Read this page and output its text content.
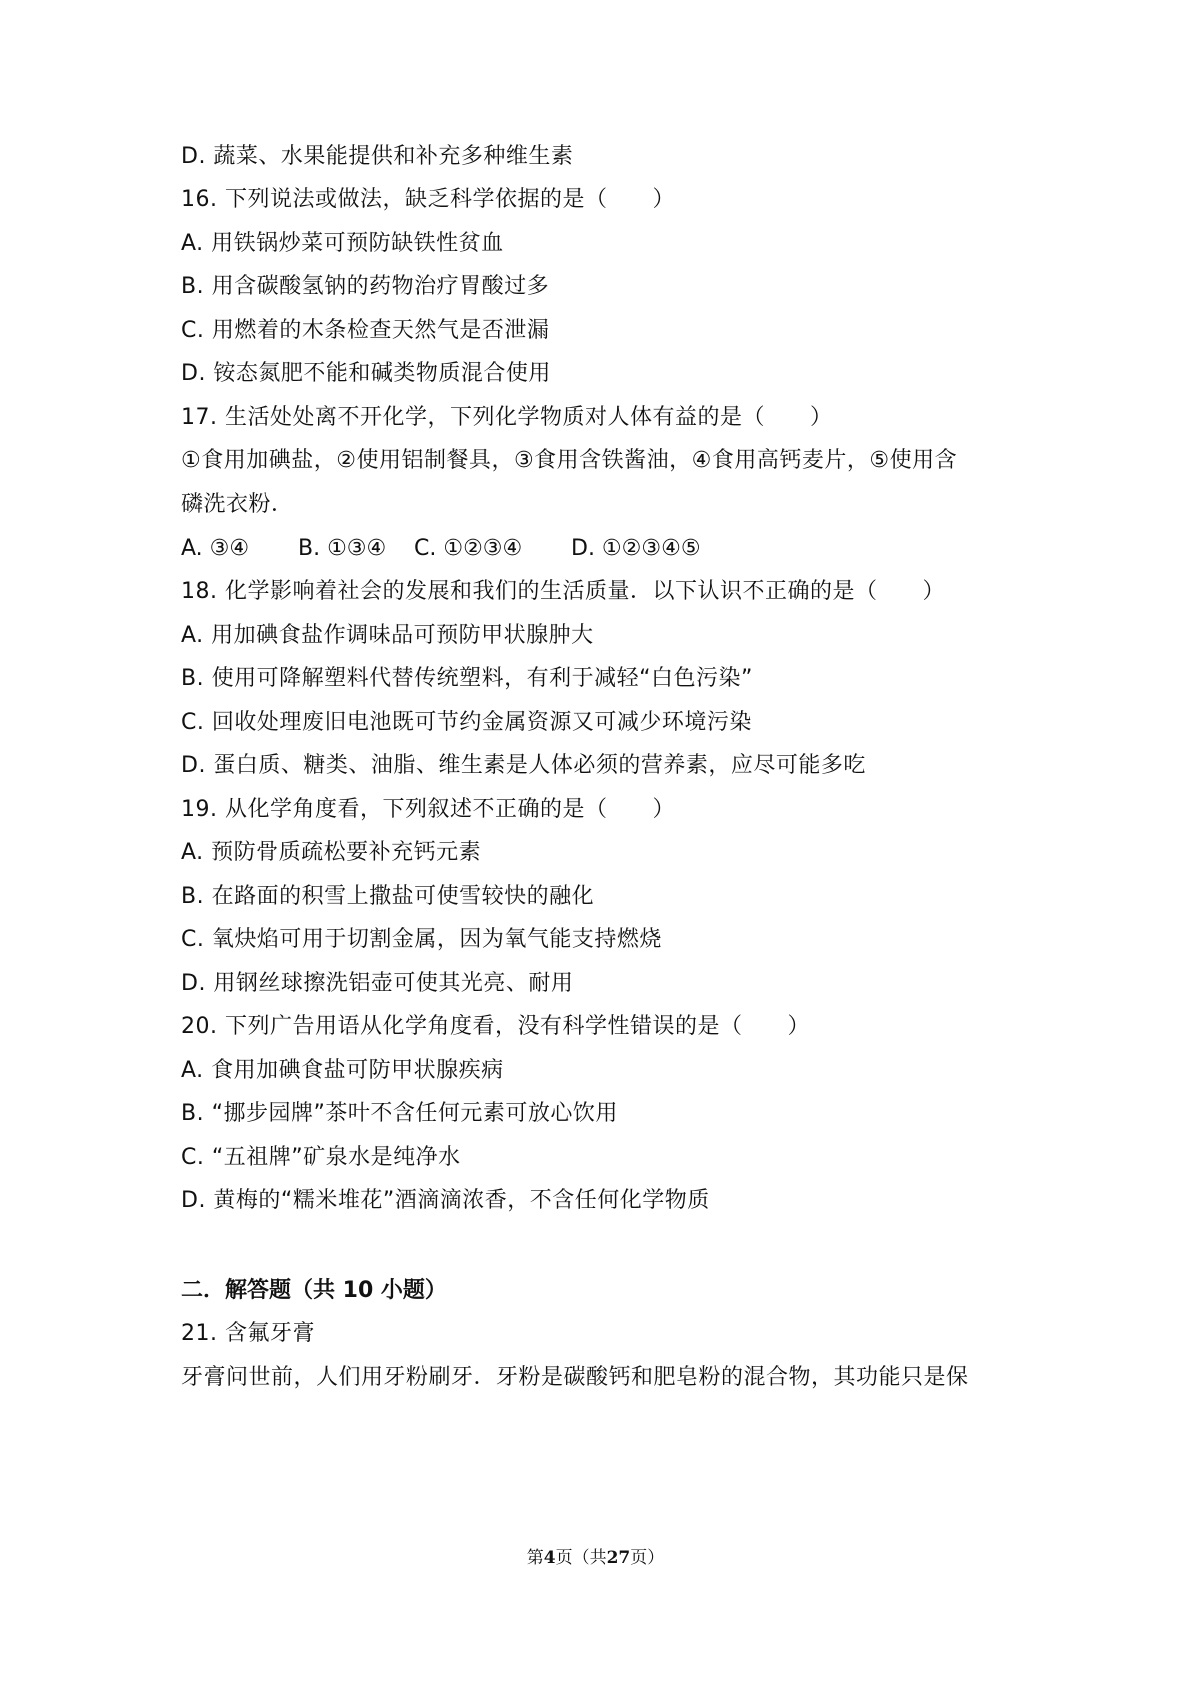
D. 蔬菜、水果能提供和补充多种维生素
16. 下列说法或做法，缺乏科学依据的是（　　）
A. 用铁锅炒菜可预防缺铁性贫血
B. 用含碳酸氢钠的药物治疗胃酸过多
C. 用燃着的木条检查天然气是否泄漏
D. 铵态氮肥不能和碱类物质混合使用
17. 生活处处离不开化学，下列化学物质对人体有益的是（　　）
①食用加碘盐，②使用铝制餐具，③食用含铁酱油，④食用高钙麦片，⑤使用含
磷洗衣粉．
A. ③④ B. ①③④ C. ①②③④ D. ①②③④⑤
18. 化学影响着社会的发展和我们的生活质量．以下认识不正确的是（　　）
A. 用加碘食盐作调味品可预防甲状腺肿大
B. 使用可降解塑料代替传统塑料，有利于减轻“白色污染”
C. 回收处理废旧电池既可节约金属资源又可减少环境污染
D. 蛋白质、糖类、油脂、维生素是人体必须的营养素，应尽可能多吃
19. 从化学角度看，下列叙述不正确的是（　　）
A. 预防骨质疏松要补充钙元素
B. 在路面的积雪上撒盐可使雪较快的融化
C. 氧炔焰可用于切割金属，因为氧气能支持燃烧
D. 用钢丝球擦洗铝壶可使其光亮、耐用
20. 下列广告用语从化学角度看，没有科学性错误的是（　　）
A. 食用加碘食盐可防甲状腺疾病
B. “挪步园牌”茶叶不含任何元素可放心饮用
C. “五祖牌”矿泉水是纯净水
D. 黄梅的“糯米堆花”酒滴滴浓香，不含任何化学物质
二．解答题（共 10 小题）
21. 含氟牙膏
牙膏问世前，人们用牙粉刷牙．牙粉是碳酸钙和肥皂粉的混合物，其功能只是保
第4页（共27页）
